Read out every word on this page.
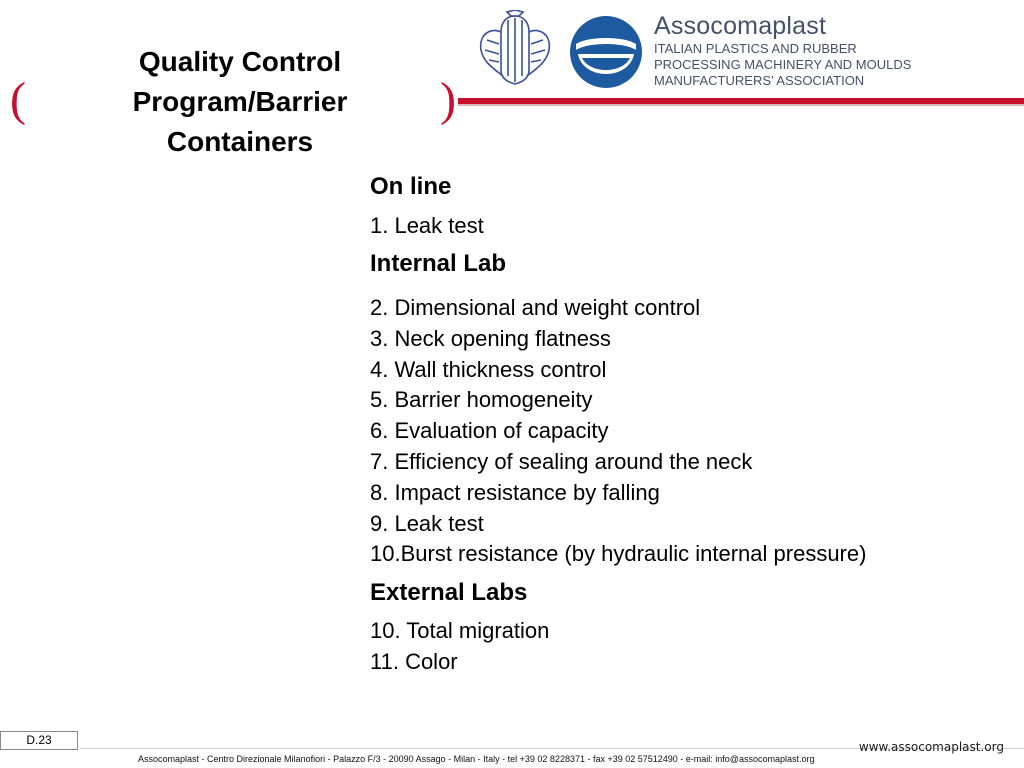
Quality Control Program/Barrier Containers
(	)
Assocomaplast
ITALIAN PLASTICS AND RUBBER
PROCESSING MACHINERY AND MOULDS
MANUFACTURERS’ ASSOCIATION
On line
1. Leak test
Internal Lab
2. Dimensional and weight control
3. Neck opening flatness
4. Wall thickness control
5. Barrier homogeneity
6. Evaluation of capacity
7. Efficiency of sealing around the neck
8. Impact resistance by falling
9. Leak test
10.Burst resistance (by hydraulic internal pressure)
External Labs
10. Total migration
11. Color
D.23	www.assocomaplast.org
Assocomaplast - Centro Direzionale Milanofiori - Palazzo F/3 - 20090 Assago - Milan - Italy - tel +39 02 8228371 - fax +39 02 57512490 - e-mail: info@assocomaplast.org
